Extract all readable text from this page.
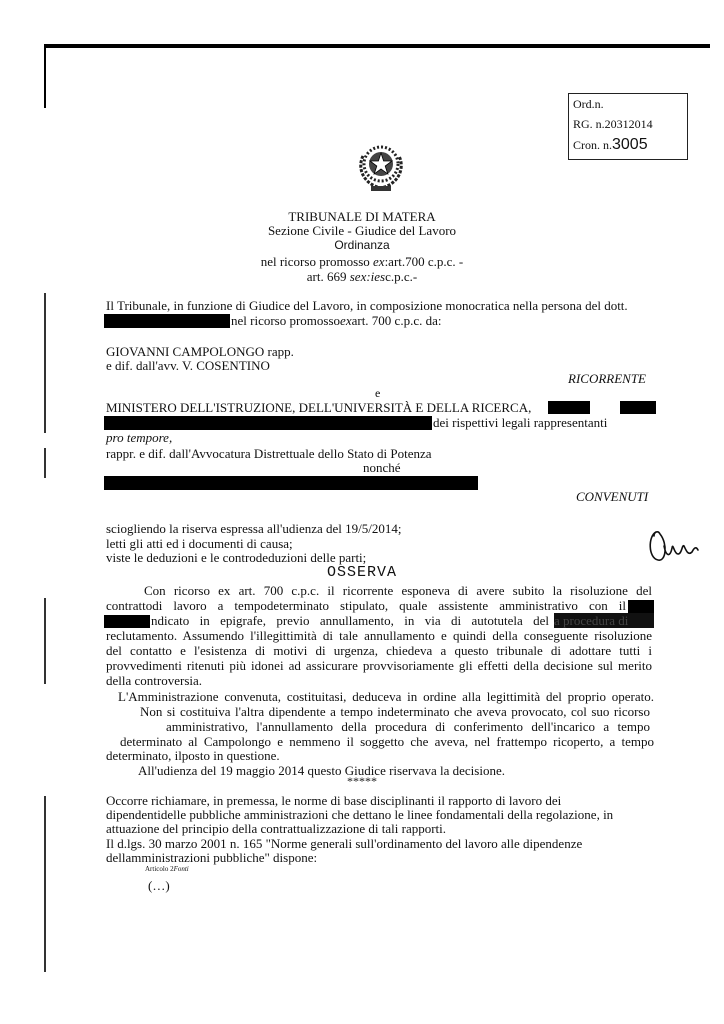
Ord.n.
RG. n.20312014
Cron. n.3005
TRIBUNALE DI MATERA
Sezione Civile - Giudice del Lavoro
Ordinanza
nel ricorso promosso ex:art.700 c.p.c. -
art. 669 sex:iesc.p.c.-
Il Tribunale, in funzione di Giudice del Lavoro, in composizione monocratica nella persona del dott.
nel ricorso promossoexart. 700 c.p.c. da:
GIOVANNI CAMPOLONGO rapp.
e dif. dall'avv. V. COSENTINO
RICORRENTE
e
MINISTERO DELL'ISTRUZIONE, DELL'UNIVERSITÀ E DELLA RICERCA,
dei rispettivi legali rappresentanti
pro tempore,
rappr. e dif. dall'Avvocatura Distrettuale dello Stato di Potenza
nonché
CONVENUTI
sciogliendo la riserva espressa all'udienza del 19/5/2014;
letti gli atti ed i documenti di causa;
viste le deduzioni e le controdeduzioni delle parti;
OSSERVA
Con ricorso ex art. 700 c.p.c. il ricorrente esponeva di avere subito la risoluzione del
contrattodi lavoro a tempodeterminato stipulato, quale assistente amministrativo con il
ndicato in epigrafe, previo annullamento, in via di autotutela del a procedura di
reclutamento. Assumendo l'illegittimità di tale annullamento e quindi della conseguente risoluzione
del contatto e l'esistenza di motivi di urgenza, chiedeva a questo tribunale di adottare tutti i
provvedimenti ritenuti più idonei ad assicurare provvisoriamente gli effetti della decisione sul merito
della controversia.
L'Amministrazione convenuta, costituitasi, deduceva in ordine alla legittimità del proprio operato.
Non si costituiva l'altra dipendente a tempo indeterminato che aveva provocato, col suo ricorso
amministrativo, l'annullamento della procedura di conferimento dell'incarico a tempo
determinato al Campolongo e nemmeno il soggetto che aveva, nel frattempo ricoperto, a tempo
determinato, ilposto in questione.
All'udienza del 19 maggio 2014 questo Giudice riservava la decisione.
*****
Occorre richiamare, in premessa, le norme di base disciplinanti il rapporto di lavoro dei
dipendentidelle pubbliche amministrazioni che dettano le linee fondamentali della regolazione, in
attuazione del principio della contrattualizzazione di tali rapporti.
Il d.lgs. 30 marzo 2001 n. 165 "Norme generali sull'ordinamento del lavoro alle dipendenze
dellamministrazioni pubbliche" dispone:
Articolo 2Fonti
(…)
